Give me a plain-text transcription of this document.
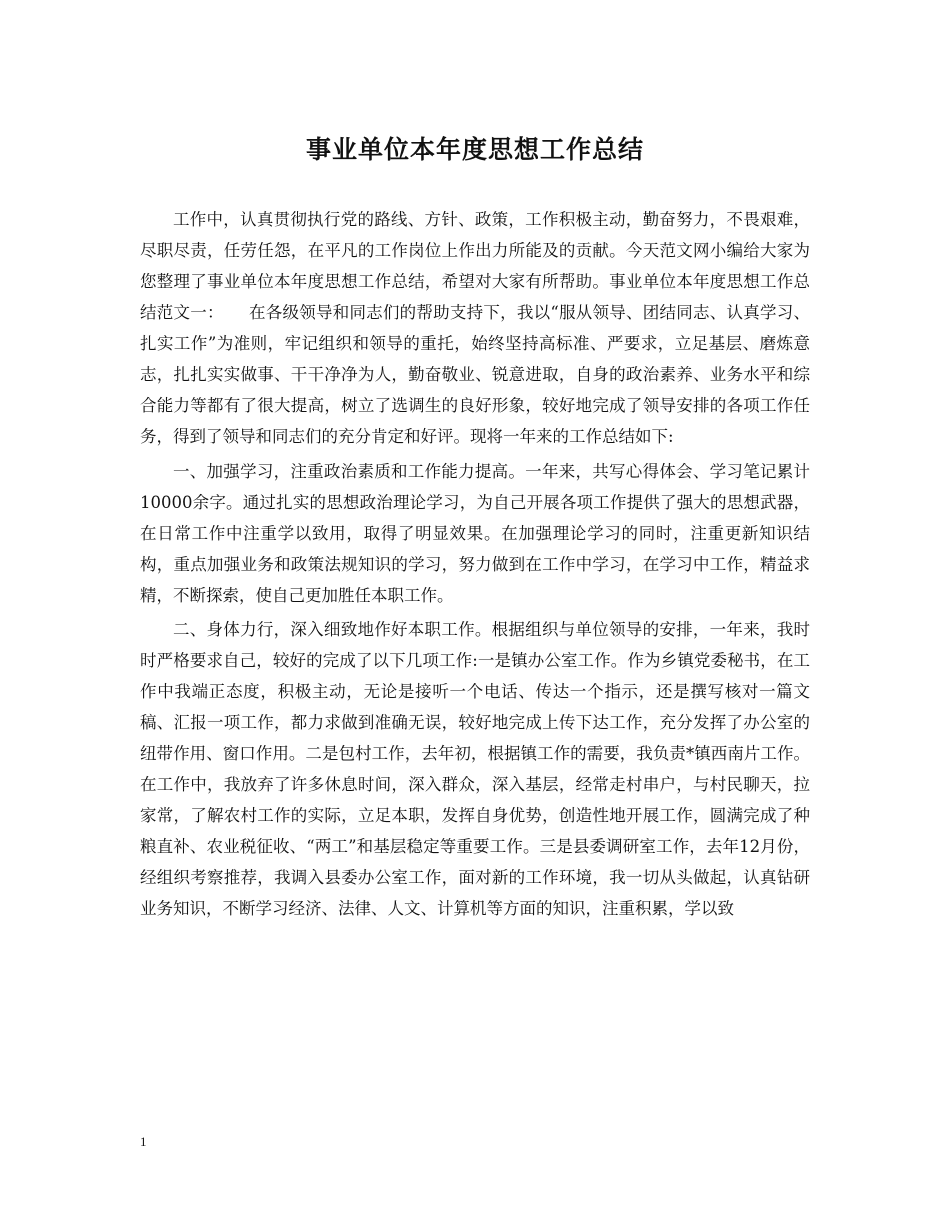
事业单位本年度思想工作总结

工作中，认真贯彻执行党的路线、方针、政策，工作积极主动，勤奋努力，不畏艰难，尽职尽责，任劳任怨，在平凡的工作岗位上作出力所能及的贡献。今天范文网小编给大家为您整理了事业单位本年度思想工作总结，希望对大家有所帮助。事业单位本年度思想工作总结范文一：　　在各级领导和同志们的帮助支持下，我以“服从领导、团结同志、认真学习、扎实工作”为准则，牢记组织和领导的重托，始终坚持高标准、严要求，立足基层、磨炼意志，扎扎实实做事、干干净净为人，勤奋敬业、锐意进取，自身的政治素养、业务水平和综合能力等都有了很大提高，树立了选调生的良好形象，较好地完成了领导安排的各项工作任务，得到了领导和同志们的充分肯定和好评。现将一年来的工作总结如下:

一、加强学习，注重政治素质和工作能力提高。一年来，共写心得体会、学习笔记累计10000余字。通过扎实的思想政治理论学习，为自己开展各项工作提供了强大的思想武器，在日常工作中注重学以致用，取得了明显效果。在加强理论学习的同时，注重更新知识结构，重点加强业务和政策法规知识的学习，努力做到在工作中学习，在学习中工作，精益求精，不断探索，使自己更加胜任本职工作。

二、身体力行，深入细致地作好本职工作。根据组织与单位领导的安排，一年来，我时时严格要求自己，较好的完成了以下几项工作:一是镇办公室工作。作为乡镇党委秘书，在工作中我端正态度，积极主动，无论是接听一个电话、传达一个指示，还是撰写核对一篇文稿、汇报一项工作，都力求做到准确无误，较好地完成上传下达工作，充分发挥了办公室的纽带作用、窗口作用。二是包村工作，去年初，根据镇工作的需要，我负责*镇西南片工作。在工作中，我放弃了许多休息时间，深入群众，深入基层，经常走村串户，与村民聊天，拉家常，了解农村工作的实际，立足本职，发挥自身优势，创造性地开展工作，圆满完成了种粮直补、农业税征收、“两工”和基层稳定等重要工作。三是县委调研室工作，去年12月份，经组织考察推荐，我调入县委办公室工作，面对新的工作环境，我一切从头做起，认真钻研业务知识，不断学习经济、法律、人文、计算机等方面的知识，注重积累，学以致

1
